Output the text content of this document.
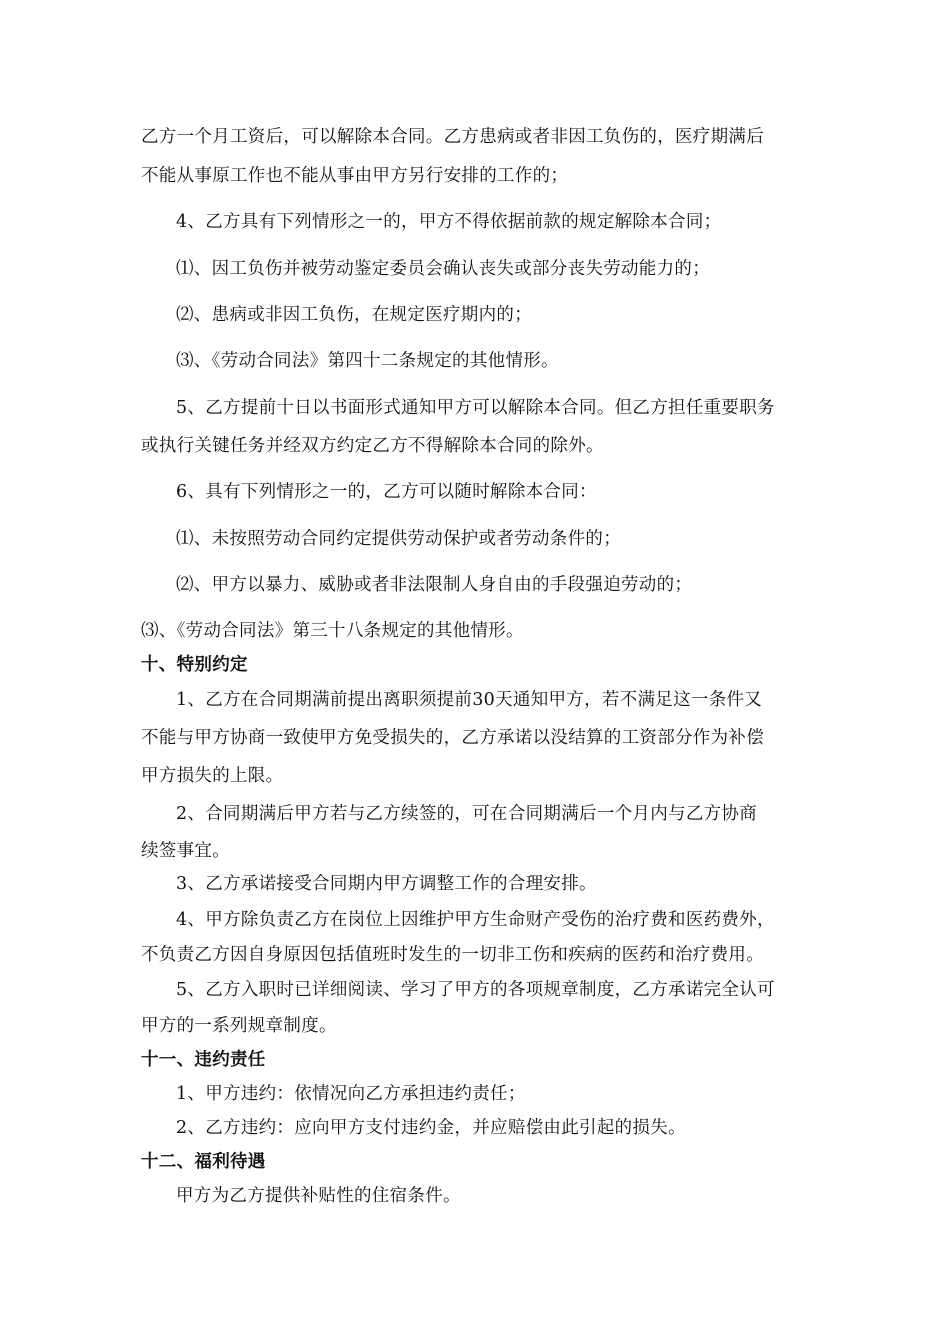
乙方一个月工资后，可以解除本合同。乙方患病或者非因工负伤的，医疗期满后
不能从事原工作也不能从事由甲方另行安排的工作的；
4、乙方具有下列情形之一的，甲方不得依据前款的规定解除本合同；
⑴、因工负伤并被劳动鉴定委员会确认丧失或部分丧失劳动能力的；
⑵、患病或非因工负伤，在规定医疗期内的；
⑶、《劳动合同法》第四十二条规定的其他情形。
5、乙方提前十日以书面形式通知甲方可以解除本合同。但乙方担任重要职务
或执行关键任务并经双方约定乙方不得解除本合同的除外。
6、具有下列情形之一的，乙方可以随时解除本合同：
⑴、未按照劳动合同约定提供劳动保护或者劳动条件的；
⑵、甲方以暴力、威胁或者非法限制人身自由的手段强迫劳动的；
⑶、《劳动合同法》第三十八条规定的其他情形。
十、特别约定
1、乙方在合同期满前提出离职须提前30天通知甲方，若不满足这一条件又
不能与甲方协商一致使甲方免受损失的，乙方承诺以没结算的工资部分作为补偿
甲方损失的上限。
2、合同期满后甲方若与乙方续签的，可在合同期满后一个月内与乙方协商
续签事宜。
3、乙方承诺接受合同期内甲方调整工作的合理安排。
4、甲方除负责乙方在岗位上因维护甲方生命财产受伤的治疗费和医药费外，
不负责乙方因自身原因包括值班时发生的一切非工伤和疾病的医药和治疗费用。
5、乙方入职时已详细阅读、学习了甲方的各项规章制度，乙方承诺完全认可
甲方的一系列规章制度。
十一、违约责任
1、甲方违约：依情况向乙方承担违约责任；
2、乙方违约：应向甲方支付违约金，并应赔偿由此引起的损失。
十二、福利待遇
甲方为乙方提供补贴性的住宿条件。
